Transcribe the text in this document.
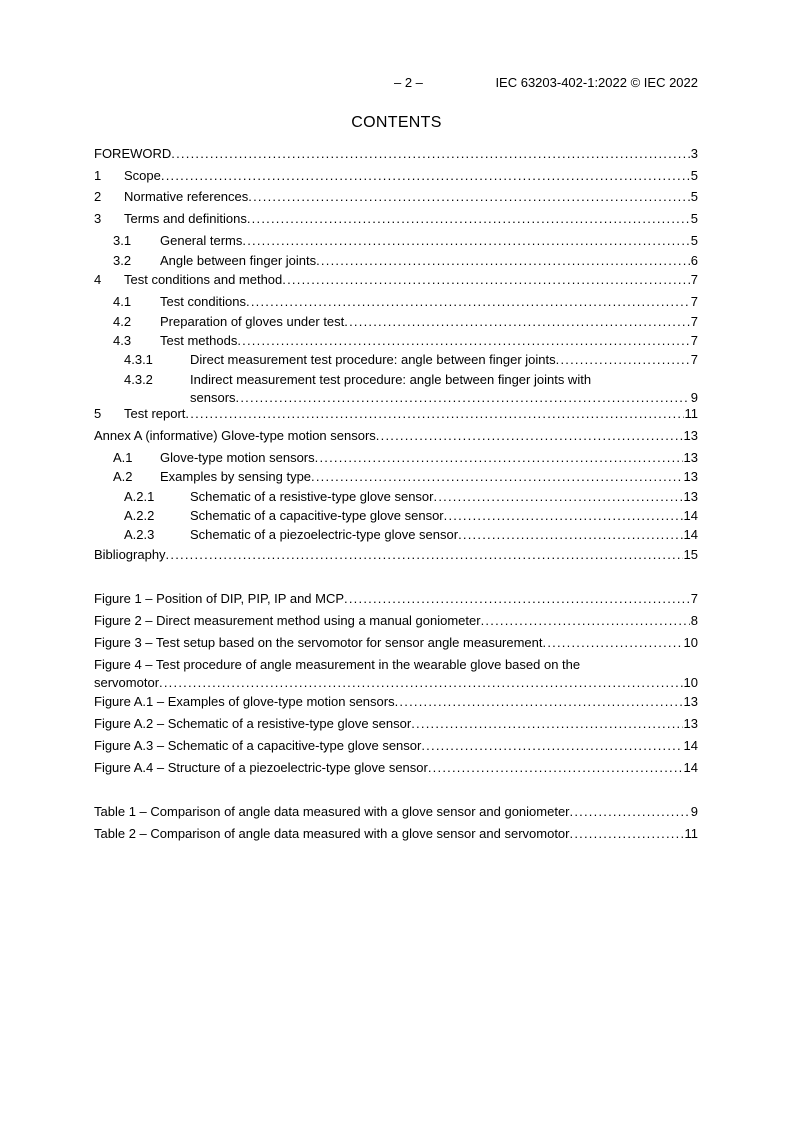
– 2 –	IEC 63203-402-1:2022 © IEC 2022
CONTENTS
FOREWORD . . .	3
1 Scope . . .	5
2 Normative references . . .	5
3 Terms and definitions . . .	5
3.1 General terms . . .	5
3.2 Angle between finger joints . . .	6
4 Test conditions and method . . .	7
4.1 Test conditions . . .	7
4.2 Preparation of gloves under test . . .	7
4.3 Test methods . . .	7
4.3.1	Direct measurement test procedure: angle between finger joints . . .	7
4.3.2	Indirect measurement test procedure: angle between finger joints with
sensors . . .	9
5 Test report . . .	11
Annex A (informative) Glove-type motion sensors . . .	13
A.1 Glove-type motion sensors . . .	13
A.2 Examples by sensing type . . .	13
A.2.1	Schematic of a resistive-type glove sensor . . .	13
A.2.2	Schematic of a capacitive-type glove sensor . . .	14
A.2.3	Schematic of a piezoelectric-type glove sensor . . .	14
Bibliography . . .	15
Figure 1 – Position of DIP, PIP, IP and MCP . . .	7
Figure 2 – Direct measurement method using a manual goniometer . . .	8
Figure 3 – Test setup based on the servomotor for sensor angle measurement . . .	10
Figure 4 – Test procedure of angle measurement in the wearable glove based on the
servomotor . . .	10
Figure A.1 – Examples of glove-type motion sensors . . .	13
Figure A.2 – Schematic of a resistive-type glove sensor . . .	13
Figure A.3 – Schematic of a capacitive-type glove sensor . . .	14
Figure A.4 – Structure of a piezoelectric-type glove sensor . . .	14
Table 1 – Comparison of angle data measured with a glove sensor and goniometer . . .	9
Table 2 – Comparison of angle data measured with a glove sensor and servomotor . . .	11
